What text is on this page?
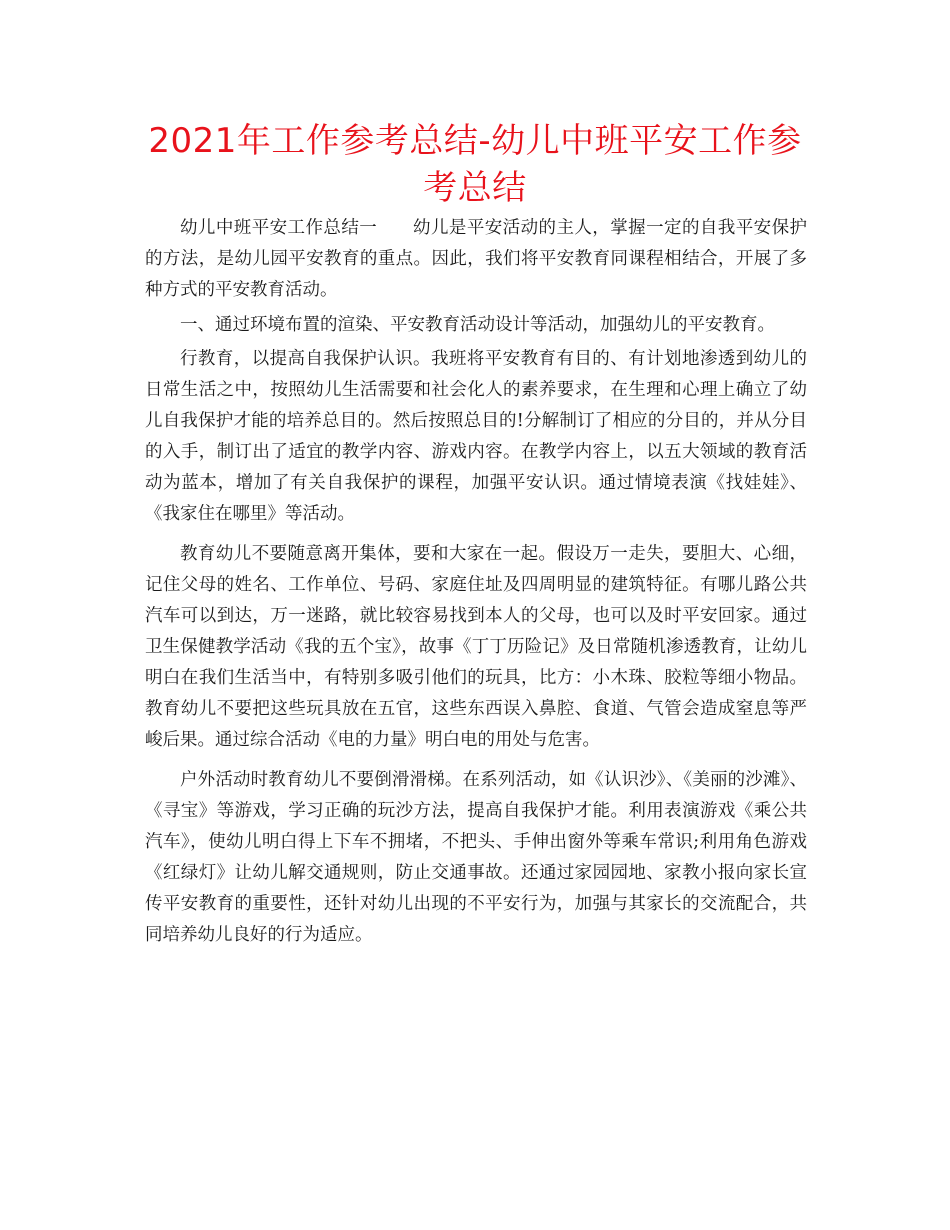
2021年工作参考总结-幼儿中班平安工作参考总结

幼儿中班平安工作总结一　　幼儿是平安活动的主人，掌握一定的自我平安保护的方法，是幼儿园平安教育的重点。因此，我们将平安教育同课程相结合，开展了多种方式的平安教育活动。

一、通过环境布置的渲染、平安教育活动设计等活动，加强幼儿的平安教育。

行教育，以提高自我保护认识。我班将平安教育有目的、有计划地渗透到幼儿的日常生活之中，按照幼儿生活需要和社会化人的素养要求，在生理和心理上确立了幼儿自我保护才能的培养总目的。然后按照总目的!分解制订了相应的分目的，并从分目的入手，制订出了适宜的教学内容、游戏内容。在教学内容上，以五大领域的教育活动为蓝本，增加了有关自我保护的课程，加强平安认识。通过情境表演《找娃娃》、《我家住在哪里》等活动。

教育幼儿不要随意离开集体，要和大家在一起。假设万一走失，要胆大、心细，记住父母的姓名、工作单位、号码、家庭住址及四周明显的建筑特征。有哪儿路公共汽车可以到达，万一迷路，就比较容易找到本人的父母，也可以及时平安回家。通过卫生保健教学活动《我的五个宝》，故事《丁丁历险记》及日常随机渗透教育，让幼儿明白在我们生活当中，有特别多吸引他们的玩具，比方：小木珠、胶粒等细小物品。教育幼儿不要把这些玩具放在五官，这些东西误入鼻腔、食道、气管会造成窒息等严峻后果。通过综合活动《电的力量》明白电的用处与危害。

户外活动时教育幼儿不要倒滑滑梯。在系列活动，如《认识沙》、《美丽的沙滩》、《寻宝》等游戏，学习正确的玩沙方法，提高自我保护才能。利用表演游戏《乘公共汽车》，使幼儿明白得上下车不拥堵，不把头、手伸出窗外等乘车常识;利用角色游戏《红绿灯》让幼儿解交通规则，防止交通事故。还通过家园园地、家教小报向家长宣传平安教育的重要性，还针对幼儿出现的不平安行为，加强与其家长的交流配合，共同培养幼儿良好的行为适应。
